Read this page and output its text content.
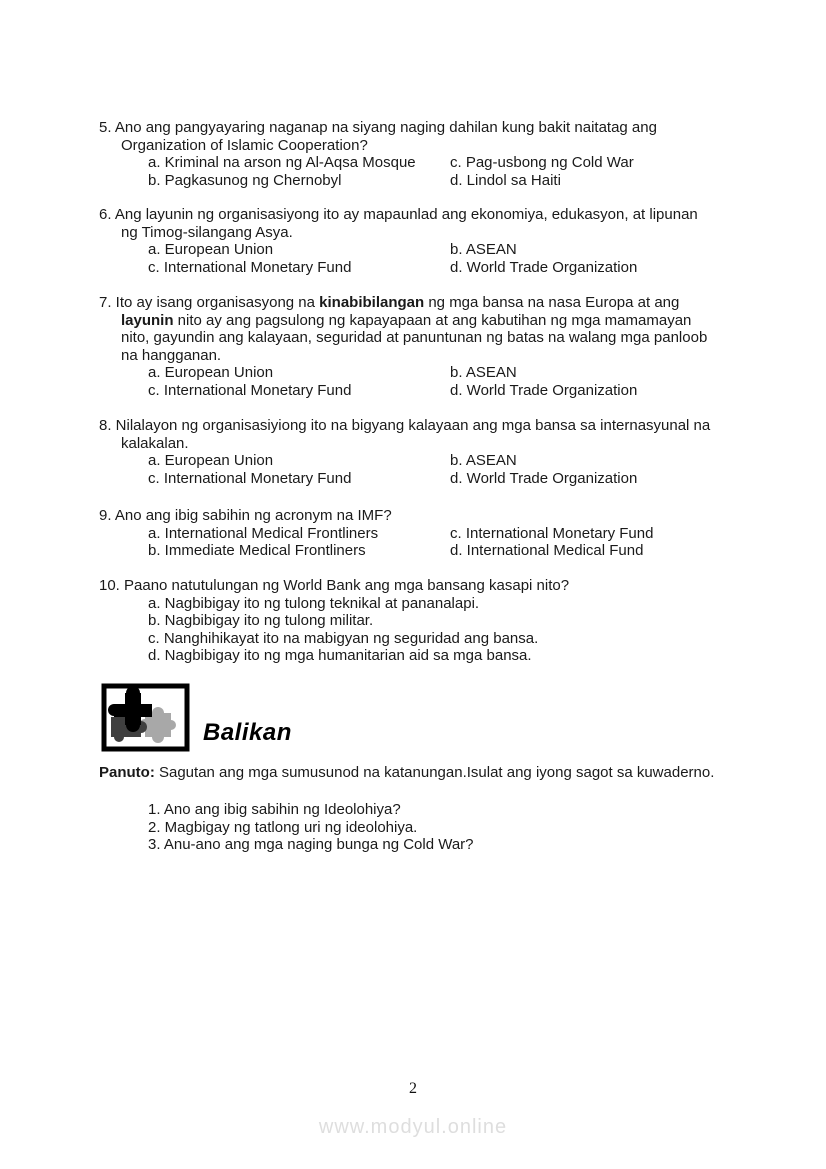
5. Ano ang pangyayaring naganap na siyang naging dahilan kung bakit naitatag ang
Organization of Islamic Cooperation?
a. Kriminal na arson ng Al-Aqsa Mosque	c. Pag-usbong ng Cold War
b. Pagkasunog ng Chernobyl	d. Lindol sa Haiti
6. Ang layunin ng organisasiyong ito ay mapaunlad ang ekonomiya, edukasyon, at lipunan
ng Timog-silangang Asya.
a. European Union	b. ASEAN
c. International Monetary Fund	d. World Trade Organization
7. Ito ay isang organisasyong na kinabibilangan ng mga bansa na nasa Europa at ang
layunin nito ay ang pagsulong ng kapayapaan at ang kabutihan ng mga mamamayan
nito, gayundin ang kalayaan, seguridad at panuntunan ng batas na walang mga panloob
na hangganan.
a. European Union	b. ASEAN
c. International Monetary Fund	d. World Trade Organization
8. Nilalayon ng organisasiyiong ito na bigyang kalayaan ang mga bansa sa internasyunal na
kalakalan.
a. European Union	b. ASEAN
c. International Monetary Fund	d. World Trade Organization
9. Ano ang ibig sabihin ng acronym na IMF?
a. International Medical Frontliners	c. International Monetary Fund
b. Immediate Medical Frontliners	d. International Medical Fund
10. Paano natutulungan ng World Bank ang mga bansang kasapi nito?
a. Nagbibigay ito ng tulong teknikal at pananalapi.
b. Nagbibigay ito ng tulong militar.
c. Nanghihikayat ito na mabigyan ng seguridad ang bansa.
d. Nagbibigay ito ng mga humanitarian aid sa mga bansa.
Balikan
Panuto: Sagutan ang mga sumusunod na katanungan.Isulat ang iyong sagot sa kuwaderno.
1. Ano ang ibig sabihin ng Ideolohiya?
2. Magbigay ng tatlong uri ng ideolohiya.
3. Anu-ano ang mga naging bunga ng Cold War?
2
www.modyul.online
